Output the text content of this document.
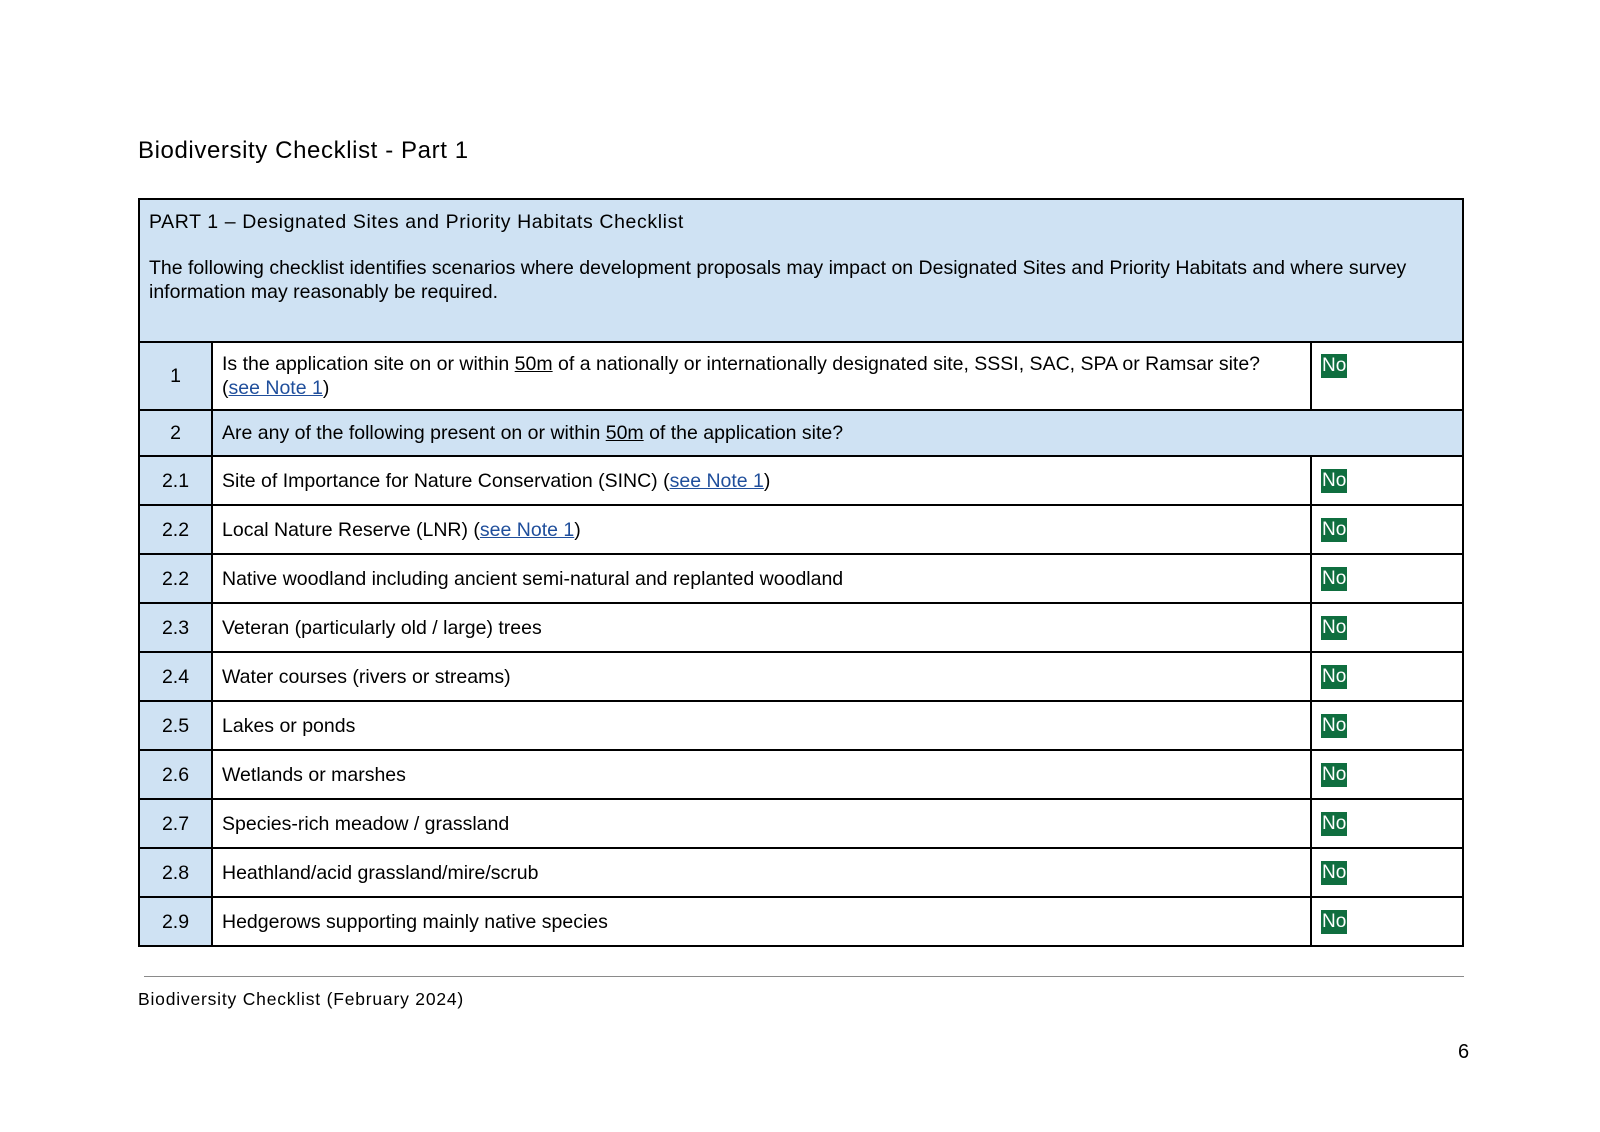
Biodiversity Checklist - Part 1

PART 1 – Designated Sites and Priority Habitats Checklist

The following checklist identifies scenarios where development proposals may impact on Designated Sites and Priority Habitats and where survey information may reasonably be required.		

1	Is the application site on or within 50m of a nationally or internationally designated site, SSSI, SAC, SPA or Ramsar site? (see Note 1)	No
2	Are any of the following present on or within 50m of the application site?	
2.1	Site of Importance for Nature Conservation (SINC) (see Note 1)	No
2.2	Local Nature Reserve (LNR) (see Note 1)	No
2.2	Native woodland including ancient semi-natural and replanted woodland	No
2.3	Veteran (particularly old / large) trees	No
2.4	Water courses (rivers or streams)	No
2.5	Lakes or ponds	No
2.6	Wetlands or marshes	No
2.7	Species-rich meadow / grassland	No
2.8	Heathland/acid grassland/mire/scrub	No
2.9	Hedgerows supporting mainly native species	No
Biodiversity Checklist (February 2024)
6
